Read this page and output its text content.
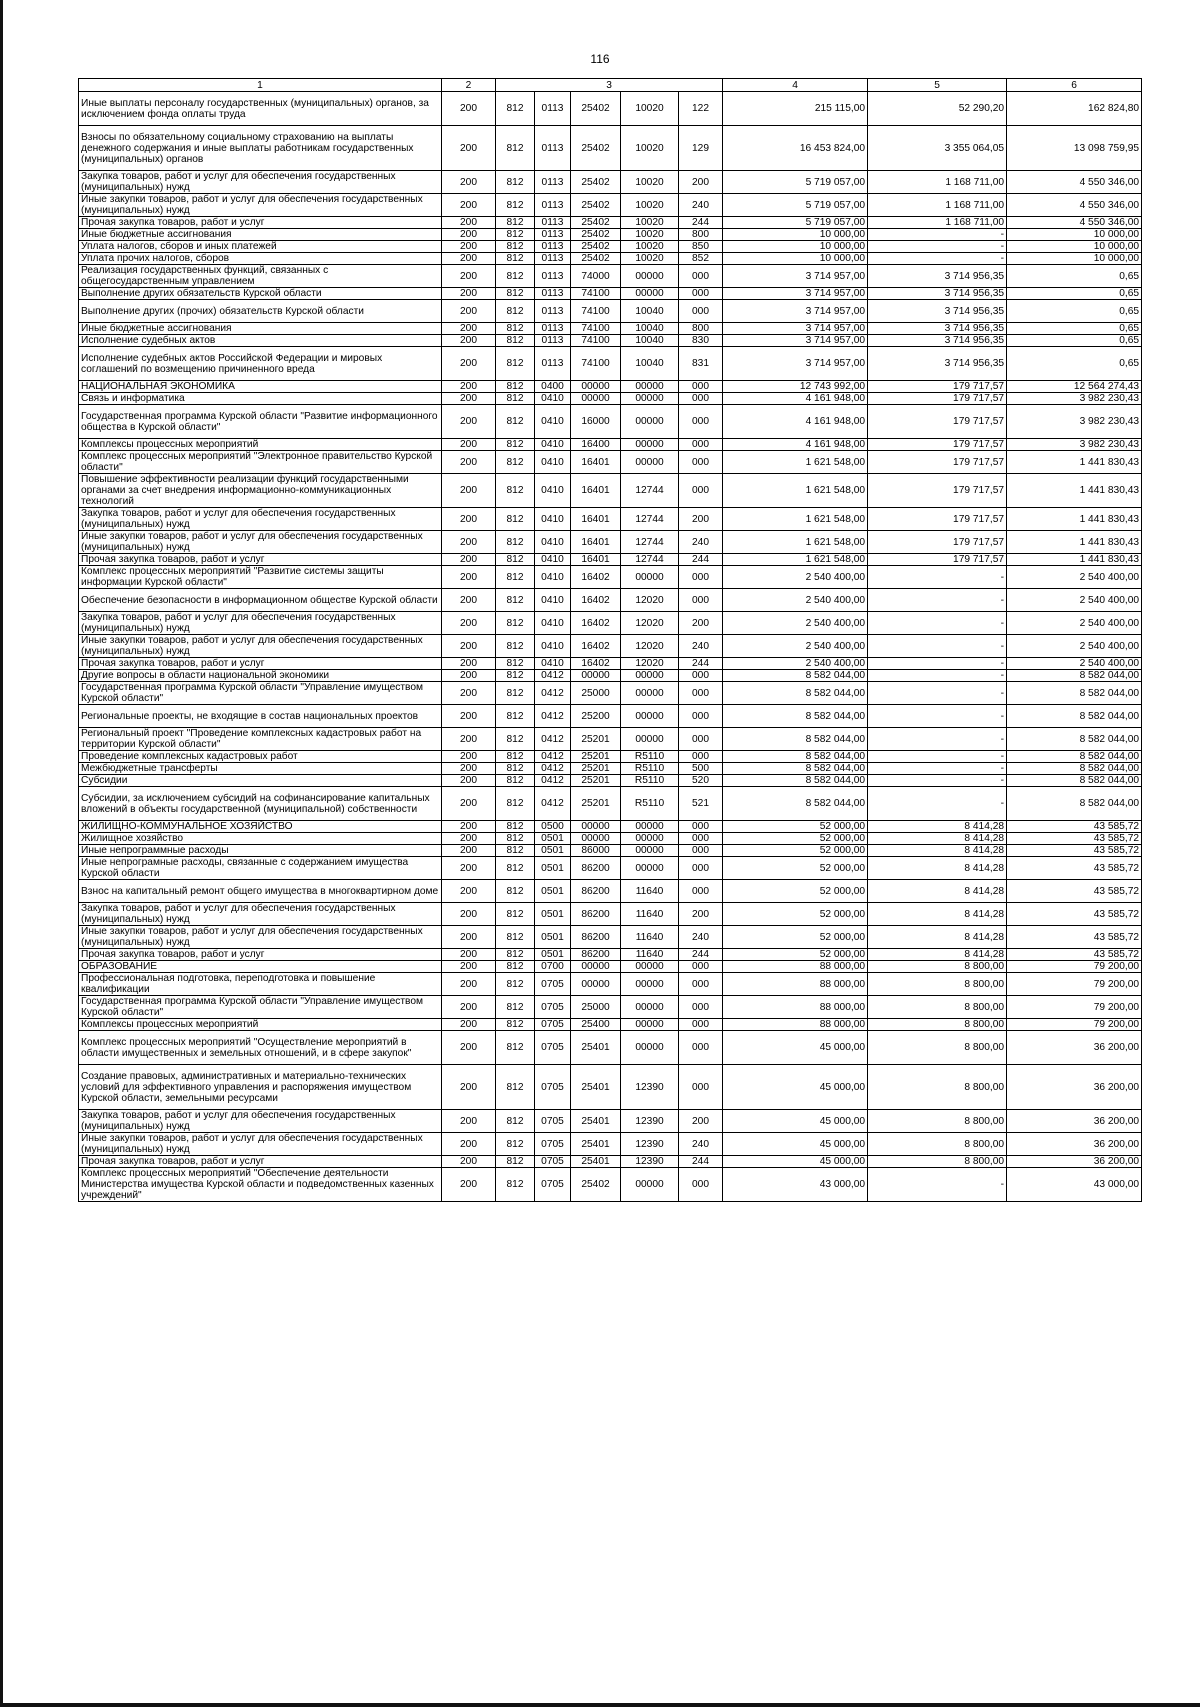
116
1	2	3					4	5	6
Иные выплаты персоналу государственных (муниципальных) органов, за исключением фонда оплаты труда	200	812	0113	25402	10020	122	215 115,00	52 290,20	162 824,80
Взносы по обязательному социальному страхованию на выплаты денежного содержания и иные выплаты работникам государственных (муниципальных) органов	200	812	0113	25402	10020	129	16 453 824,00	3 355 064,05	13 098 759,95
Закупка товаров, работ и услуг для обеспечения государственных (муниципальных) нужд	200	812	0113	25402	10020	200	5 719 057,00	1 168 711,00	4 550 346,00
Иные закупки товаров, работ и услуг для обеспечения государственных (муниципальных) нужд	200	812	0113	25402	10020	240	5 719 057,00	1 168 711,00	4 550 346,00
Прочая закупка товаров, работ и услуг	200	812	0113	25402	10020	244	5 719 057,00	1 168 711,00	4 550 346,00
Иные бюджетные ассигнования	200	812	0113	25402	10020	800	10 000,00	-	10 000,00
Уплата налогов, сборов и иных платежей	200	812	0113	25402	10020	850	10 000,00	-	10 000,00
Уплата прочих налогов, сборов	200	812	0113	25402	10020	852	10 000,00	-	10 000,00
Реализация государственных функций, связанных с общегосударственным управлением	200	812	0113	74000	00000	000	3 714 957,00	3 714 956,35	0,65
Выполнение других обязательств Курской области	200	812	0113	74100	00000	000	3 714 957,00	3 714 956,35	0,65
Выполнение других (прочих) обязательств Курской области	200	812	0113	74100	10040	000	3 714 957,00	3 714 956,35	0,65
Иные бюджетные ассигнования	200	812	0113	74100	10040	800	3 714 957,00	3 714 956,35	0,65
Исполнение судебных актов	200	812	0113	74100	10040	830	3 714 957,00	3 714 956,35	0,65
Исполнение судебных актов Российской Федерации и мировых соглашений по возмещению причиненного вреда	200	812	0113	74100	10040	831	3 714 957,00	3 714 956,35	0,65
НАЦИОНАЛЬНАЯ ЭКОНОМИКА	200	812	0400	00000	00000	000	12 743 992,00	179 717,57	12 564 274,43
Связь и информатика	200	812	0410	00000	00000	000	4 161 948,00	179 717,57	3 982 230,43
Государственная программа Курской области "Развитие информационного общества в Курской области"	200	812	0410	16000	00000	000	4 161 948,00	179 717,57	3 982 230,43
Комплексы процессных мероприятий	200	812	0410	16400	00000	000	4 161 948,00	179 717,57	3 982 230,43
Комплекс процессных мероприятий "Электронное правительство Курской области"	200	812	0410	16401	00000	000	1 621 548,00	179 717,57	1 441 830,43
Повышение эффективности реализации функций государственными органами за счет внедрения информационно-коммуникационных технологий	200	812	0410	16401	12744	000	1 621 548,00	179 717,57	1 441 830,43
Закупка товаров, работ и услуг для обеспечения государственных (муниципальных) нужд	200	812	0410	16401	12744	200	1 621 548,00	179 717,57	1 441 830,43
Иные закупки товаров, работ и услуг для обеспечения государственных (муниципальных) нужд	200	812	0410	16401	12744	240	1 621 548,00	179 717,57	1 441 830,43
Прочая закупка товаров, работ и услуг	200	812	0410	16401	12744	244	1 621 548,00	179 717,57	1 441 830,43
Комплекс процессных мероприятий "Развитие системы защиты информации Курской области"	200	812	0410	16402	00000	000	2 540 400,00	-	2 540 400,00
Обеспечение безопасности в информационном обществе Курской области	200	812	0410	16402	12020	000	2 540 400,00	-	2 540 400,00
Закупка товаров, работ и услуг для обеспечения государственных (муниципальных) нужд	200	812	0410	16402	12020	200	2 540 400,00	-	2 540 400,00
Иные закупки товаров, работ и услуг для обеспечения государственных (муниципальных) нужд	200	812	0410	16402	12020	240	2 540 400,00	-	2 540 400,00
Прочая закупка товаров, работ и услуг	200	812	0410	16402	12020	244	2 540 400,00	-	2 540 400,00
Другие вопросы в области национальной экономики	200	812	0412	00000	00000	000	8 582 044,00	-	8 582 044,00
Государственная программа Курской области "Управление имуществом Курской области"	200	812	0412	25000	00000	000	8 582 044,00	-	8 582 044,00
Региональные проекты, не входящие в состав национальных проектов	200	812	0412	25200	00000	000	8 582 044,00	-	8 582 044,00
Региональный проект "Проведение комплексных кадастровых работ на территории Курской области"	200	812	0412	25201	00000	000	8 582 044,00	-	8 582 044,00
Проведение комплексных кадастровых работ	200	812	0412	25201	R5110	000	8 582 044,00	-	8 582 044,00
Межбюджетные трансферты	200	812	0412	25201	R5110	500	8 582 044,00	-	8 582 044,00
Субсидии	200	812	0412	25201	R5110	520	8 582 044,00	-	8 582 044,00
Субсидии, за исключением субсидий на софинансирование капитальных вложений в объекты государственной (муниципальной) собственности	200	812	0412	25201	R5110	521	8 582 044,00	-	8 582 044,00
ЖИЛИЩНО-КОММУНАЛЬНОЕ ХОЗЯЙСТВО	200	812	0500	00000	00000	000	52 000,00	8 414,28	43 585,72
Жилищное хозяйство	200	812	0501	00000	00000	000	52 000,00	8 414,28	43 585,72
Иные непрограммные расходы	200	812	0501	86000	00000	000	52 000,00	8 414,28	43 585,72
Иные непрограмные расходы, связанные с содержанием имущества Курской области	200	812	0501	86200	00000	000	52 000,00	8 414,28	43 585,72
Взнос на капитальный ремонт общего имущества в многоквартирном доме	200	812	0501	86200	11640	000	52 000,00	8 414,28	43 585,72
Закупка товаров, работ и услуг для обеспечения государственных (муниципальных) нужд	200	812	0501	86200	11640	200	52 000,00	8 414,28	43 585,72
Иные закупки товаров, работ и услуг для обеспечения государственных (муниципальных) нужд	200	812	0501	86200	11640	240	52 000,00	8 414,28	43 585,72
Прочая закупка товаров, работ и услуг	200	812	0501	86200	11640	244	52 000,00	8 414,28	43 585,72
ОБРАЗОВАНИЕ	200	812	0700	00000	00000	000	88 000,00	8 800,00	79 200,00
Профессиональная подготовка, переподготовка и повышение квалификации	200	812	0705	00000	00000	000	88 000,00	8 800,00	79 200,00
Государственная программа Курской области "Управление имуществом Курской области"	200	812	0705	25000	00000	000	88 000,00	8 800,00	79 200,00
Комплексы процессных мероприятий	200	812	0705	25400	00000	000	88 000,00	8 800,00	79 200,00
Комплекс процессных мероприятий "Осуществление мероприятий в области имущественных и земельных отношений, и в сфере закупок"	200	812	0705	25401	00000	000	45 000,00	8 800,00	36 200,00
Создание правовых, административных и материально-технических условий для эффективного управления и распоряжения имуществом Курской области, земельными ресурсами	200	812	0705	25401	12390	000	45 000,00	8 800,00	36 200,00
Закупка товаров, работ и услуг для обеспечения государственных (муниципальных) нужд	200	812	0705	25401	12390	200	45 000,00	8 800,00	36 200,00
Иные закупки товаров, работ и услуг для обеспечения государственных (муниципальных) нужд	200	812	0705	25401	12390	240	45 000,00	8 800,00	36 200,00
Прочая закупка товаров, работ и услуг	200	812	0705	25401	12390	244	45 000,00	8 800,00	36 200,00
Комплекс процессных мероприятий "Обеспечение деятельности Министерства имущества Курской области и подведомственных казенных учреждений"	200	812	0705	25402	00000	000	43 000,00	-	43 000,00
